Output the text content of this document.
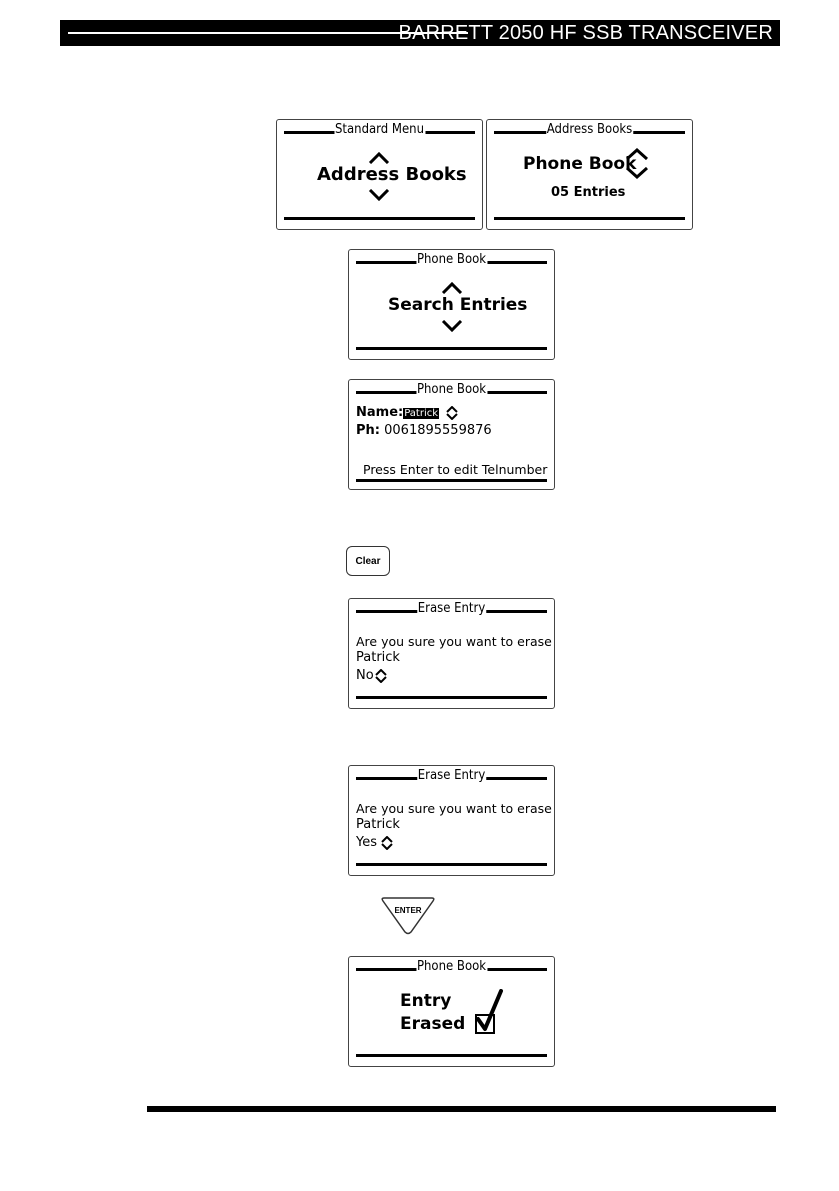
BARRETT 2050 HF SSB TRANSCEIVER
Standard Menu
Address Books
Address Books
Phone Book
05 Entries
Phone Book
Search Entries
Phone Book
Name:Patrick
Ph: 0061895559876
Press Enter to edit Telnumber
Clear
Erase Entry
Are you sure you want to erase
Patrick
No
Erase Entry
Are you sure you want to erase
Patrick
Yes
ENTER
Phone Book
Entry
Erased
